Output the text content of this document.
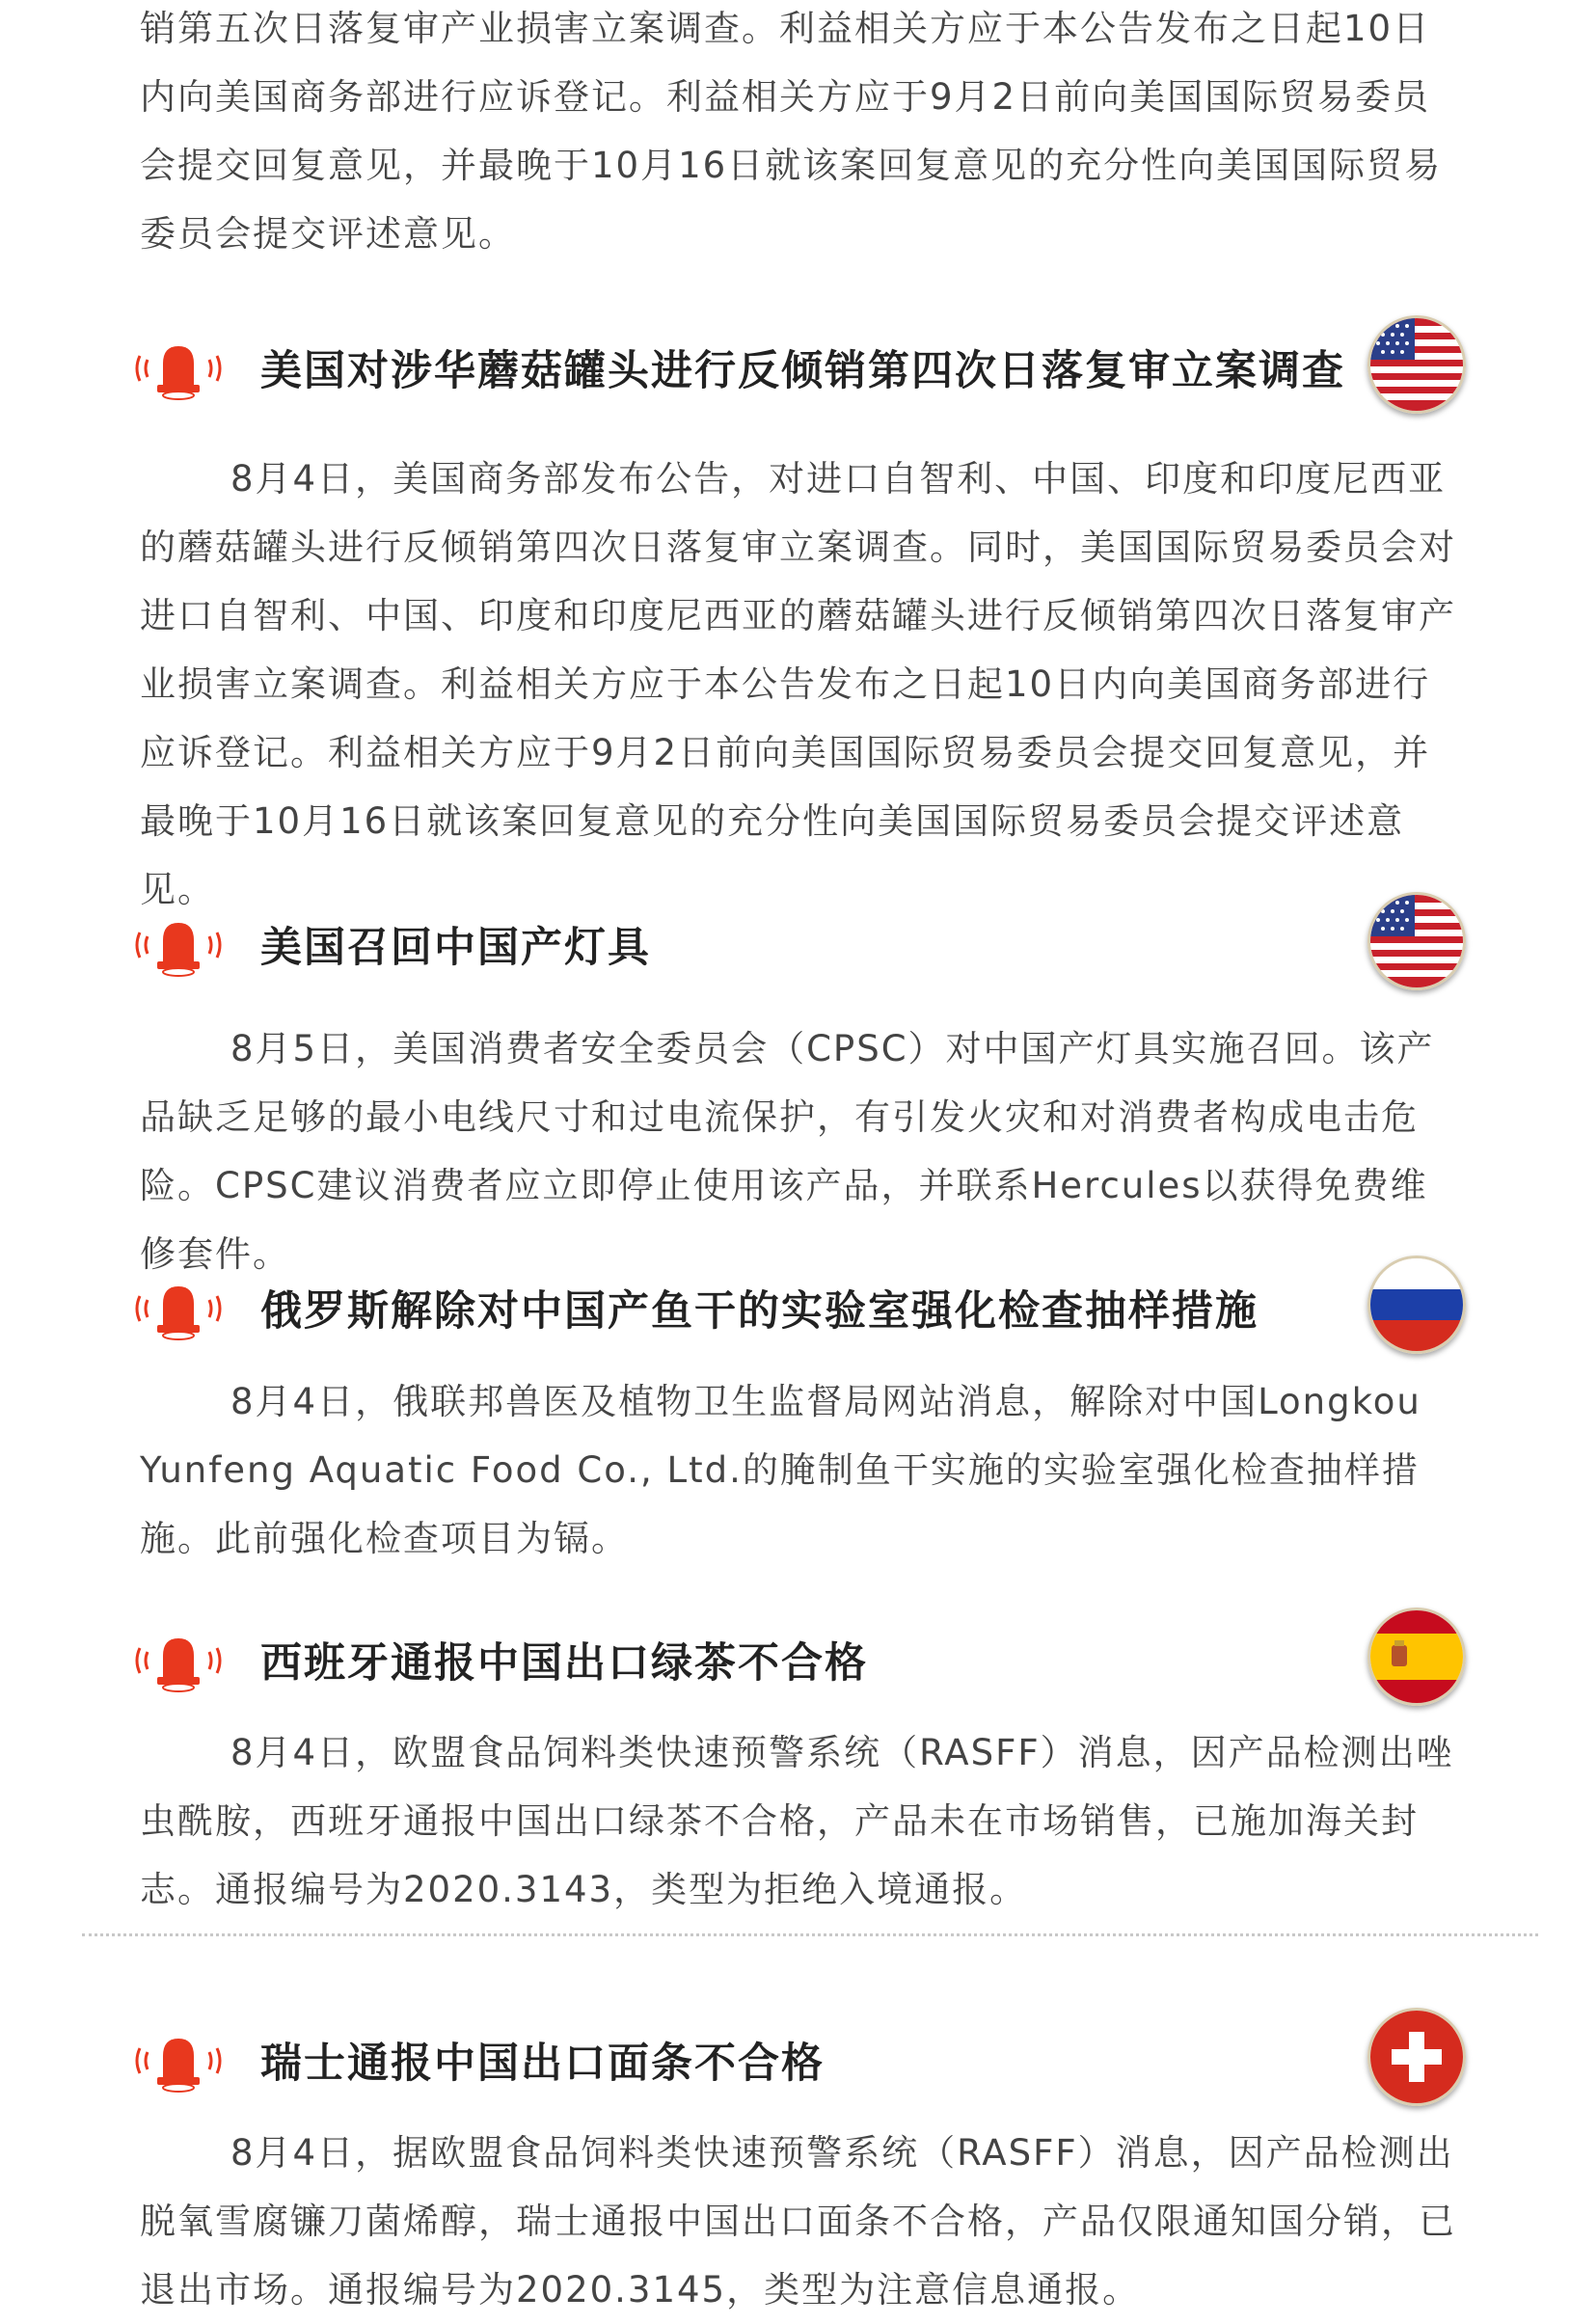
销第五次日落复审产业损害立案调查。利益相关方应于本公告发布之日起10日内向美国商务部进行应诉登记。利益相关方应于9月2日前向美国国际贸易委员会提交回复意见，并最晚于10月16日就该案回复意见的充分性向美国国际贸易委员会提交评述意见。

美国对涉华蘑菇罐头进行反倾销第四次日落复审立案调查

8月4日，美国商务部发布公告，对进口自智利、中国、印度和印度尼西亚的蘑菇罐头进行反倾销第四次日落复审立案调查。同时，美国国际贸易委员会对进口自智利、中国、印度和印度尼西亚的蘑菇罐头进行反倾销第四次日落复审产业损害立案调查。利益相关方应于本公告发布之日起10日内向美国商务部进行应诉登记。利益相关方应于9月2日前向美国国际贸易委员会提交回复意见，并最晚于10月16日就该案回复意见的充分性向美国国际贸易委员会提交评述意见。

美国召回中国产灯具

8月5日，美国消费者安全委员会（CPSC）对中国产灯具实施召回。该产品缺乏足够的最小电线尺寸和过电流保护，有引发火灾和对消费者构成电击危险。CPSC建议消费者应立即停止使用该产品，并联系Hercules以获得免费维修套件。

俄罗斯解除对中国产鱼干的实验室强化检查抽样措施

8月4日，俄联邦兽医及植物卫生监督局网站消息，解除对中国Longkou Yunfeng Aquatic Food Co., Ltd.的腌制鱼干实施的实验室强化检查抽样措施。此前强化检查项目为镉。

西班牙通报中国出口绿茶不合格

8月4日，欧盟食品饲料类快速预警系统（RASFF）消息，因产品检测出唑虫酰胺，西班牙通报中国出口绿茶不合格，产品未在市场销售，已施加海关封志。通报编号为2020.3143，类型为拒绝入境通报。

瑞士通报中国出口面条不合格

8月4日，据欧盟食品饲料类快速预警系统（RASFF）消息，因产品检测出脱氧雪腐镰刀菌烯醇，瑞士通报中国出口面条不合格，产品仅限通知国分销，已退出市场。通报编号为2020.3145，类型为注意信息通报。
